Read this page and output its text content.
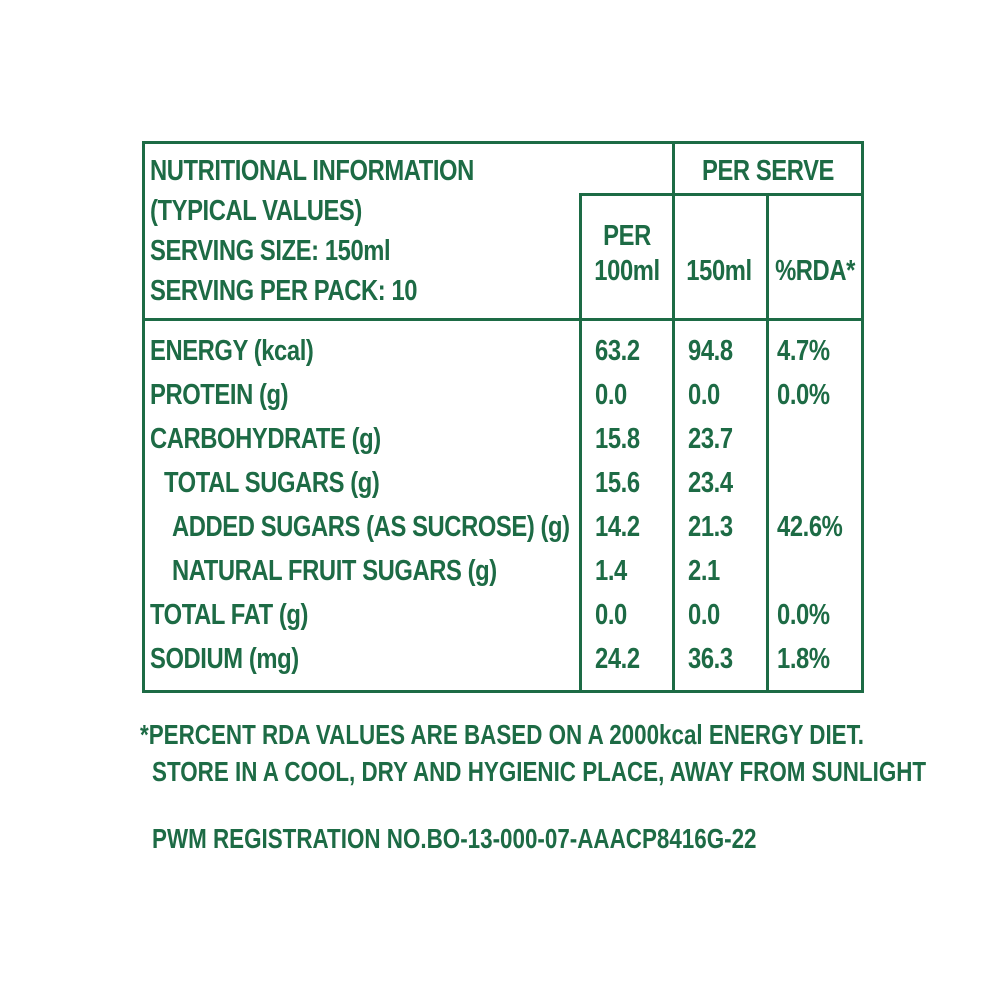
NUTRITIONAL INFORMATION
(TYPICAL VALUES)
SERVING SIZE: 150ml
SERVING PER PACK: 10
PER SERVE
PER
100ml 150ml %RDA*
ENERGY (kcal)	63.2 94.8 4.7%
PROTEIN (g)	0.0 0.0 0.0%
CARBOHYDRATE (g)	15.8 23.7
TOTAL SUGARS (g)	15.6 23.4
ADDED SUGARS (AS SUCROSE) (g) 14.2 21.3 42.6%
NATURAL FRUIT SUGARS (g)	1.4 2.1
TOTAL FAT (g)	0.0 0.0 0.0%
SODIUM (mg)	24.2 36.3 1.8%
*PERCENT RDA VALUES ARE BASED ON A 2000kcal ENERGY DIET.
STORE IN A COOL, DRY AND HYGIENIC PLACE, AWAY FROM SUNLIGHT
PWM REGISTRATION NO.BO-13-000-07-AAACP8416G-22
